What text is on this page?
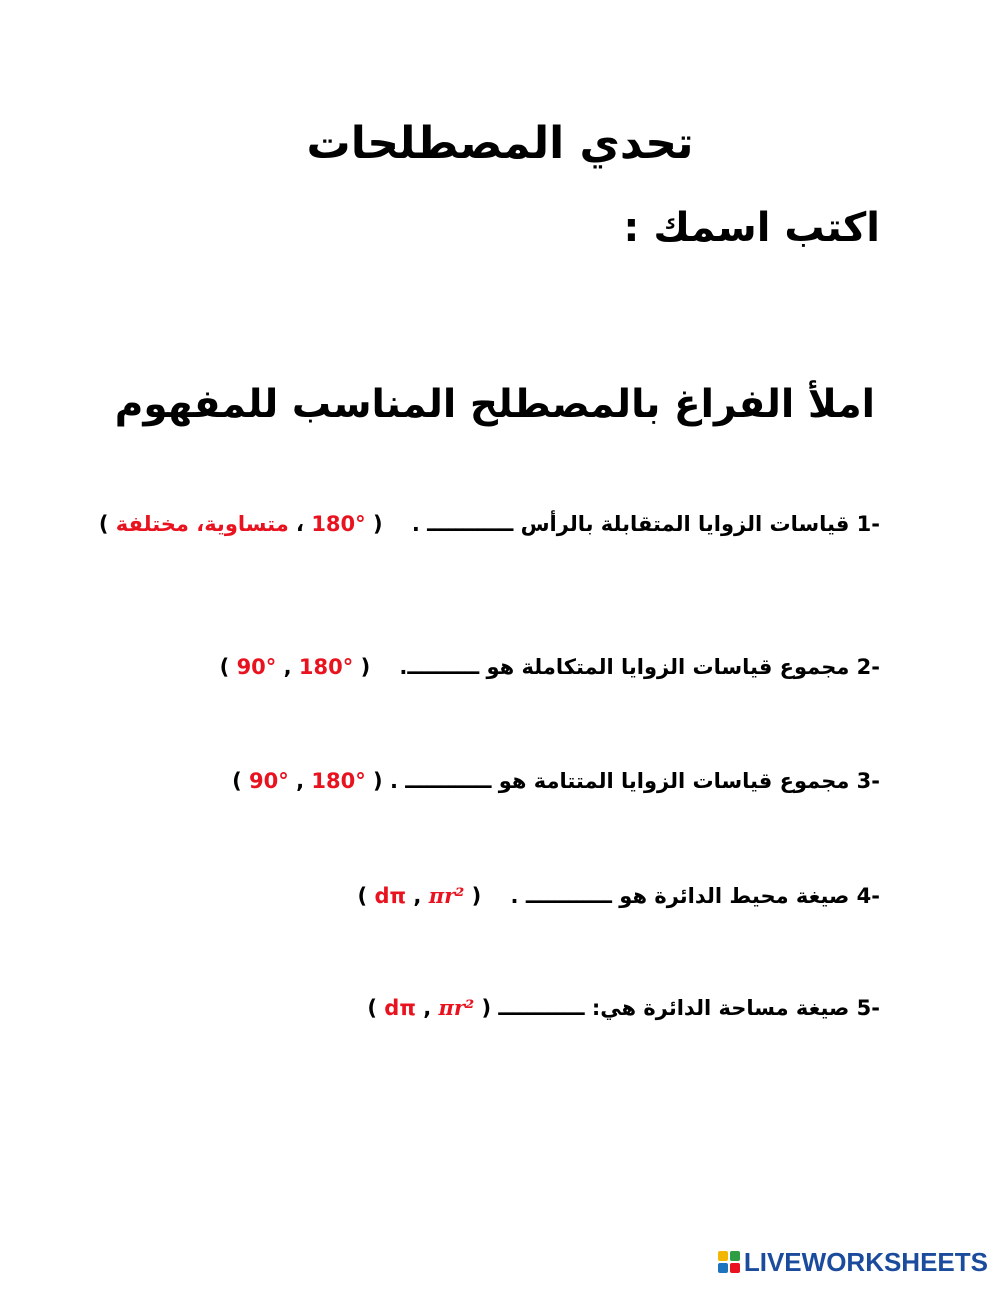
تحدي المصطلحات
اكتب اسمك :
املأ الفراغ بالمصطلح المناسب للمفهوم
1- قياسات الزوايا المتقابلة بالرأس ــــــــــــ .    ( °180 ، متساوية، مختلفة )
2- مجموع قياسات الزوايا المتكاملة هو ــــــــــ.    ( °180 , °90 )
3- مجموع قياسات الزوايا المتتامة هو ــــــــــــ . ( °180 , °90 )
4- صيغة محيط الدائرة هو ــــــــــــ .    ( dπ , πr² )
5- صيغة مساحة الدائرة هي: ــــــــــــ ( dπ , πr² )
LIVEWORKSHEETS
